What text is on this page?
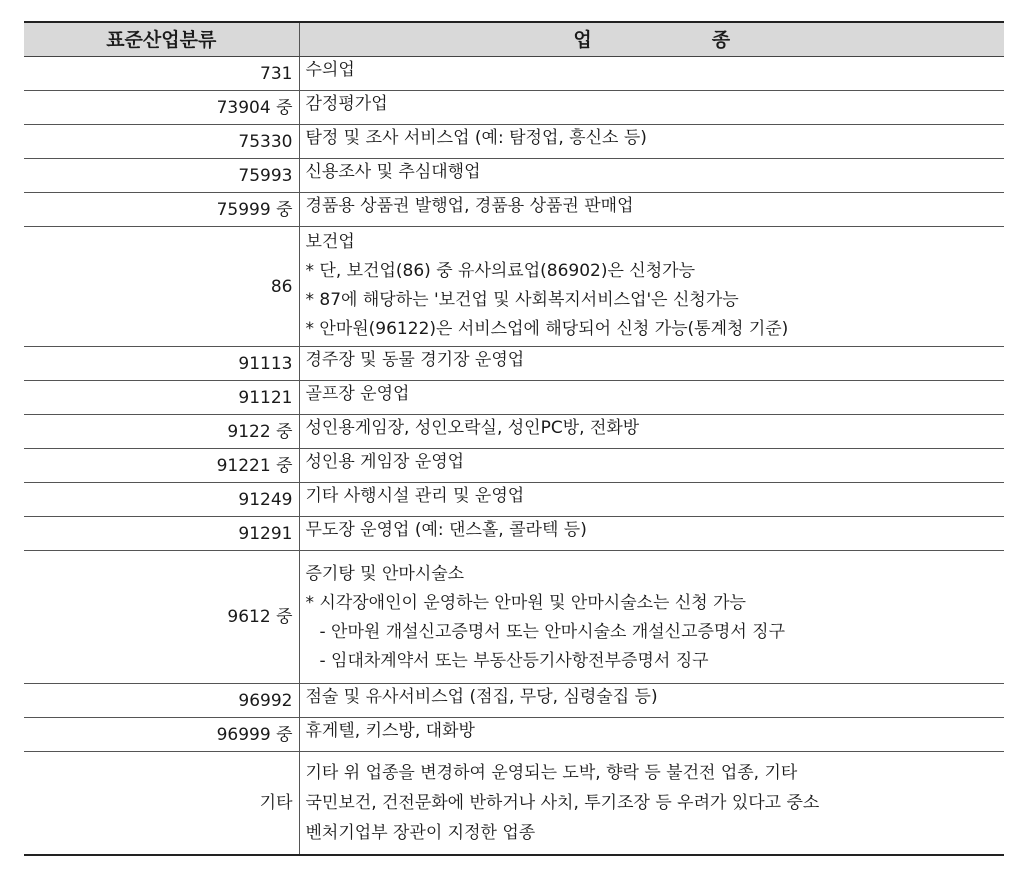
표준산업분류	업 종
731	수의업

73904 중	감정평가업

75330	탐정 및 조사 서비스업 (예: 탐정업, 흥신소 등)

75993	신용조사 및 추심대행업

75999 중	경품용 상품권 발행업, 경품용 상품권 판매업

86	보건업
* 단, 보건업(86) 중 유사의료업(86902)은 신청가능
* 87에 해당하는 '보건업 및 사회복지서비스업'은 신청가능
* 안마원(96122)은 서비스업에 해당되어 신청 가능(통계청 기준)

91113	경주장 및 동물 경기장 운영업

91121	골프장 운영업

9122 중	성인용게임장, 성인오락실, 성인PC방, 전화방

91221 중	성인용 게임장 운영업

91249	기타 사행시설 관리 및 운영업

91291	무도장 운영업 (예: 댄스홀, 콜라텍 등)

9612 중	증기탕 및 안마시술소
* 시각장애인이 운영하는 안마원 및 안마시술소는 신청 가능
- 안마원 개설신고증명서 또는 안마시술소 개설신고증명서 징구
- 임대차계약서 또는 부동산등기사항전부증명서 징구

96992	점술 및 유사서비스업 (점집, 무당, 심령술집 등)

96999 중	휴게텔, 키스방, 대화방

기타	기타 위 업종을 변경하여 운영되는 도박, 향락 등 불건전 업종, 기타
국민보건, 건전문화에 반하거나 사치, 투기조장 등 우려가 있다고 중소
벤처기업부 장관이 지정한 업종
